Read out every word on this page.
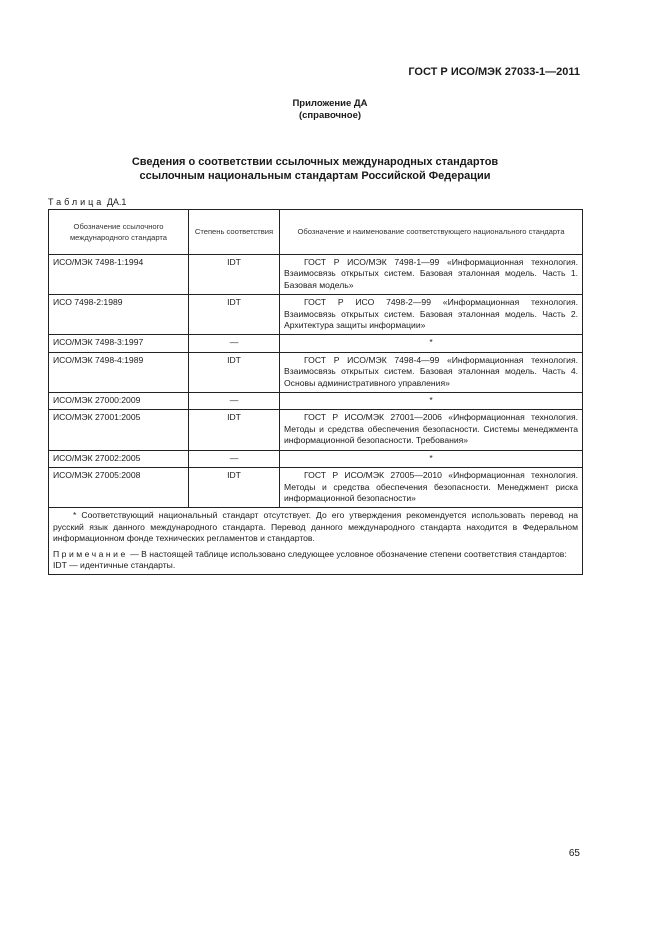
ГОСТ Р ИСО/МЭК 27033-1—2011
Приложение ДА
(справочное)
Сведения о соответствии ссылочных международных стандартов
ссылочным национальным стандартам Российской Федерации
Таблица ДА.1
Обозначение ссылочного международного стандарта	Степень соответствия	Обозначение и наименование соответствующего национального стандарта
ИСО/МЭК 7498-1:1994	IDT	ГОСТ Р ИСО/МЭК 7498-1—99 «Информационная технология. Взаимосвязь открытых систем. Базовая эталонная модель. Часть 1. Базовая модель»
ИСО 7498-2:1989	IDT	ГОСТ Р ИСО 7498-2—99 «Информационная технология. Взаимосвязь открытых систем. Базовая эталонная модель. Часть 2. Архитектура защиты информации»
ИСО/МЭК 7498-3:1997	—	*
ИСО/МЭК 7498-4:1989	IDT	ГОСТ Р ИСО/МЭК 7498-4—99 «Информационная технология. Взаимосвязь открытых систем. Базовая эталонная модель. Часть 4. Основы административного управления»
ИСО/МЭК 27000:2009	—	*
ИСО/МЭК 27001:2005	IDT	ГОСТ Р ИСО/МЭК 27001—2006 «Информационная технология. Методы и средства обеспечения безопасности. Системы менеджмента информационной безопасности. Требования»
ИСО/МЭК 27002:2005	—	*
ИСО/МЭК 27005:2008	IDT	ГОСТ Р ИСО/МЭК 27005—2010 «Информационная технология. Методы и средства обеспечения безопасности. Менеджмент риска информационной безопасности»

* Соответствующий национальный стандарт отсутствует. До его утверждения рекомендуется использовать перевод на русский язык данного международного стандарта. Перевод данного международного стандарта находится в Федеральном информационном фонде технических регламентов и стандартов.

Примечание — В настоящей таблице использовано следующее условное обозначение степени соответствия стандартов:

IDT — идентичные стандарты.		

65
